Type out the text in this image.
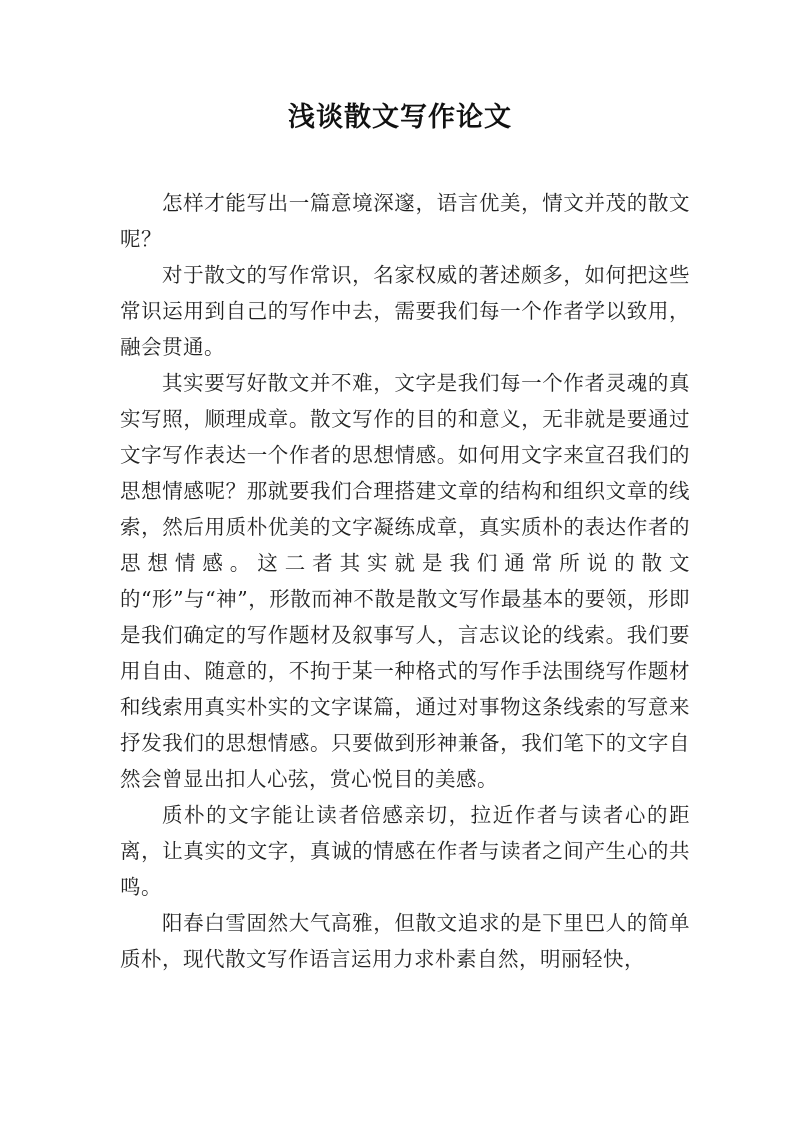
浅谈散文写作论文

怎样才能写出一篇意境深邃，语言优美，情文并茂的散文呢？

对于散文的写作常识，名家权威的著述颇多，如何把这些常识运用到自己的写作中去，需要我们每一个作者学以致用，融会贯通。

其实要写好散文并不难，文字是我们每一个作者灵魂的真实写照，顺理成章。散文写作的目的和意义，无非就是要通过文字写作表达一个作者的思想情感。如何用文字来宣召我们的思想情感呢？那就要我们合理搭建文章的结构和组织文章的线索，然后用质朴优美的文字凝练成章，真实质朴的表达作者的思想情感。这二者其实就是我们通常所说的散文的“形”与“神”，形散而神不散是散文写作最基本的要领，形即是我们确定的写作题材及叙事写人，言志议论的线索。我们要用自由、随意的，不拘于某一种格式的写作手法围绕写作题材和线索用真实朴实的文字谋篇，通过对事物这条线索的写意来抒发我们的思想情感。只要做到形神兼备，我们笔下的文字自然会曾显出扣人心弦，赏心悦目的美感。

质朴的文字能让读者倍感亲切，拉近作者与读者心的距离，让真实的文字，真诚的情感在作者与读者之间产生心的共鸣。

阳春白雪固然大气高雅，但散文追求的是下里巴人的简单质朴，现代散文写作语言运用力求朴素自然，明丽轻快，
